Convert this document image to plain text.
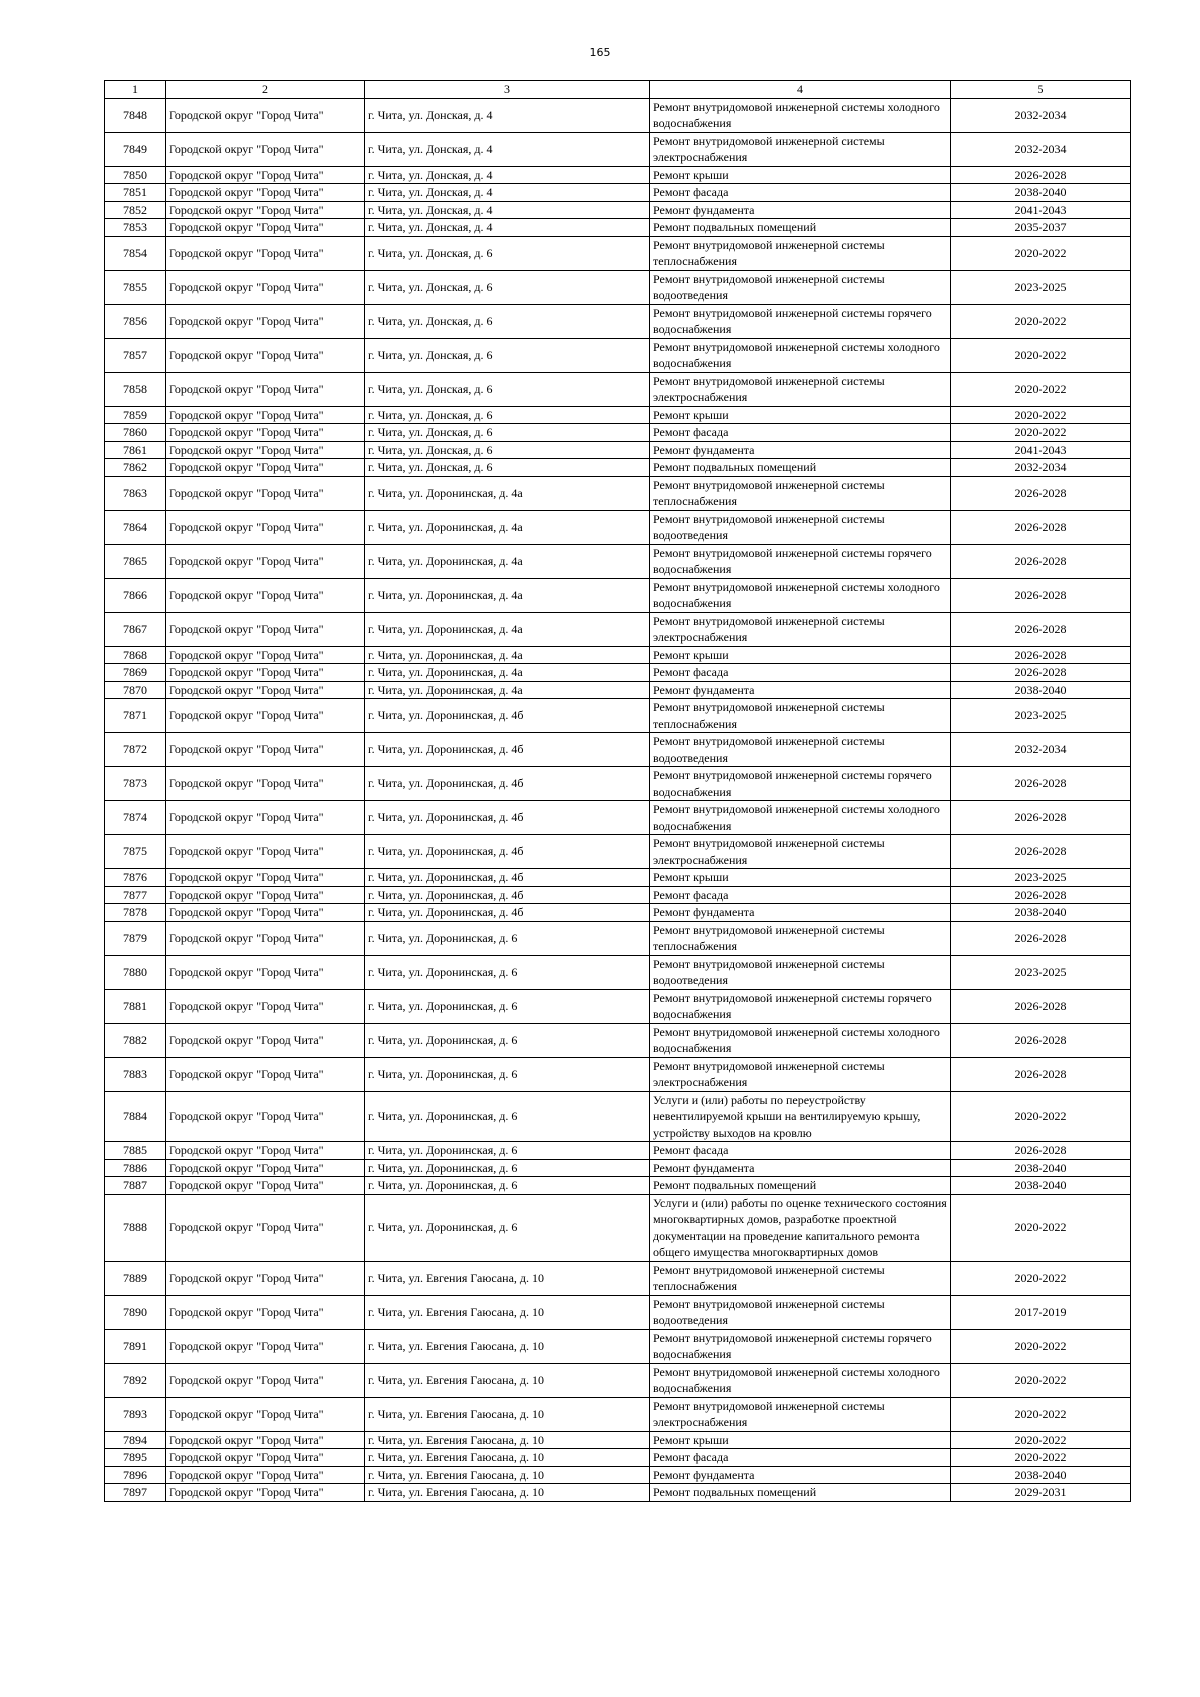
165
1	2	3	4	5
7848	Городской округ "Город Чита"	г. Чита, ул. Донская, д. 4	Ремонт внутридомовой инженерной системы холодного водоснабжения	2032-2034
7849	Городской округ "Город Чита"	г. Чита, ул. Донская, д. 4	Ремонт внутридомовой инженерной системы электроснабжения	2032-2034
7850	Городской округ "Город Чита"	г. Чита, ул. Донская, д. 4	Ремонт крыши	2026-2028
7851	Городской округ "Город Чита"	г. Чита, ул. Донская, д. 4	Ремонт фасада	2038-2040
7852	Городской округ "Город Чита"	г. Чита, ул. Донская, д. 4	Ремонт фундамента	2041-2043
7853	Городской округ "Город Чита"	г. Чита, ул. Донская, д. 4	Ремонт подвальных помещений	2035-2037
7854	Городской округ "Город Чита"	г. Чита, ул. Донская, д. 6	Ремонт внутридомовой инженерной системы теплоснабжения	2020-2022
7855	Городской округ "Город Чита"	г. Чита, ул. Донская, д. 6	Ремонт внутридомовой инженерной системы водоотведения	2023-2025
7856	Городской округ "Город Чита"	г. Чита, ул. Донская, д. 6	Ремонт внутридомовой инженерной системы горячего водоснабжения	2020-2022
7857	Городской округ "Город Чита"	г. Чита, ул. Донская, д. 6	Ремонт внутридомовой инженерной системы холодного водоснабжения	2020-2022
7858	Городской округ "Город Чита"	г. Чита, ул. Донская, д. 6	Ремонт внутридомовой инженерной системы электроснабжения	2020-2022
7859	Городской округ "Город Чита"	г. Чита, ул. Донская, д. 6	Ремонт крыши	2020-2022
7860	Городской округ "Город Чита"	г. Чита, ул. Донская, д. 6	Ремонт фасада	2020-2022
7861	Городской округ "Город Чита"	г. Чита, ул. Донская, д. 6	Ремонт фундамента	2041-2043
7862	Городской округ "Город Чита"	г. Чита, ул. Донская, д. 6	Ремонт подвальных помещений	2032-2034
7863	Городской округ "Город Чита"	г. Чита, ул. Доронинская, д. 4а	Ремонт внутридомовой инженерной системы теплоснабжения	2026-2028
7864	Городской округ "Город Чита"	г. Чита, ул. Доронинская, д. 4а	Ремонт внутридомовой инженерной системы водоотведения	2026-2028
7865	Городской округ "Город Чита"	г. Чита, ул. Доронинская, д. 4а	Ремонт внутридомовой инженерной системы горячего водоснабжения	2026-2028
7866	Городской округ "Город Чита"	г. Чита, ул. Доронинская, д. 4а	Ремонт внутридомовой инженерной системы холодного водоснабжения	2026-2028
7867	Городской округ "Город Чита"	г. Чита, ул. Доронинская, д. 4а	Ремонт внутридомовой инженерной системы электроснабжения	2026-2028
7868	Городской округ "Город Чита"	г. Чита, ул. Доронинская, д. 4а	Ремонт крыши	2026-2028
7869	Городской округ "Город Чита"	г. Чита, ул. Доронинская, д. 4а	Ремонт фасада	2026-2028
7870	Городской округ "Город Чита"	г. Чита, ул. Доронинская, д. 4а	Ремонт фундамента	2038-2040
7871	Городской округ "Город Чита"	г. Чита, ул. Доронинская, д. 4б	Ремонт внутридомовой инженерной системы теплоснабжения	2023-2025
7872	Городской округ "Город Чита"	г. Чита, ул. Доронинская, д. 4б	Ремонт внутридомовой инженерной системы водоотведения	2032-2034
7873	Городской округ "Город Чита"	г. Чита, ул. Доронинская, д. 4б	Ремонт внутридомовой инженерной системы горячего водоснабжения	2026-2028
7874	Городской округ "Город Чита"	г. Чита, ул. Доронинская, д. 4б	Ремонт внутридомовой инженерной системы холодного водоснабжения	2026-2028
7875	Городской округ "Город Чита"	г. Чита, ул. Доронинская, д. 4б	Ремонт внутридомовой инженерной системы электроснабжения	2026-2028
7876	Городской округ "Город Чита"	г. Чита, ул. Доронинская, д. 4б	Ремонт крыши	2023-2025
7877	Городской округ "Город Чита"	г. Чита, ул. Доронинская, д. 4б	Ремонт фасада	2026-2028
7878	Городской округ "Город Чита"	г. Чита, ул. Доронинская, д. 4б	Ремонт фундамента	2038-2040
7879	Городской округ "Город Чита"	г. Чита, ул. Доронинская, д. 6	Ремонт внутридомовой инженерной системы теплоснабжения	2026-2028
7880	Городской округ "Город Чита"	г. Чита, ул. Доронинская, д. 6	Ремонт внутридомовой инженерной системы водоотведения	2023-2025
7881	Городской округ "Город Чита"	г. Чита, ул. Доронинская, д. 6	Ремонт внутридомовой инженерной системы горячего водоснабжения	2026-2028
7882	Городской округ "Город Чита"	г. Чита, ул. Доронинская, д. 6	Ремонт внутридомовой инженерной системы холодного водоснабжения	2026-2028
7883	Городской округ "Город Чита"	г. Чита, ул. Доронинская, д. 6	Ремонт внутридомовой инженерной системы электроснабжения	2026-2028
7884	Городской округ "Город Чита"	г. Чита, ул. Доронинская, д. 6	Услуги и (или) работы по переустройству невентилируемой крыши на вентилируемую крышу, устройству выходов на кровлю	2020-2022
7885	Городской округ "Город Чита"	г. Чита, ул. Доронинская, д. 6	Ремонт фасада	2026-2028
7886	Городской округ "Город Чита"	г. Чита, ул. Доронинская, д. 6	Ремонт фундамента	2038-2040
7887	Городской округ "Город Чита"	г. Чита, ул. Доронинская, д. 6	Ремонт подвальных помещений	2038-2040
7888	Городской округ "Город Чита"	г. Чита, ул. Доронинская, д. 6	Услуги и (или) работы по оценке технического состояния многоквартирных домов, разработке проектной документации на проведение капитального ремонта общего имущества многоквартирных домов	2020-2022
7889	Городской округ "Город Чита"	г. Чита, ул. Евгения Гаюсана, д. 10	Ремонт внутридомовой инженерной системы теплоснабжения	2020-2022
7890	Городской округ "Город Чита"	г. Чита, ул. Евгения Гаюсана, д. 10	Ремонт внутридомовой инженерной системы водоотведения	2017-2019
7891	Городской округ "Город Чита"	г. Чита, ул. Евгения Гаюсана, д. 10	Ремонт внутридомовой инженерной системы горячего водоснабжения	2020-2022
7892	Городской округ "Город Чита"	г. Чита, ул. Евгения Гаюсана, д. 10	Ремонт внутридомовой инженерной системы холодного водоснабжения	2020-2022
7893	Городской округ "Город Чита"	г. Чита, ул. Евгения Гаюсана, д. 10	Ремонт внутридомовой инженерной системы электроснабжения	2020-2022
7894	Городской округ "Город Чита"	г. Чита, ул. Евгения Гаюсана, д. 10	Ремонт крыши	2020-2022
7895	Городской округ "Город Чита"	г. Чита, ул. Евгения Гаюсана, д. 10	Ремонт фасада	2020-2022
7896	Городской округ "Город Чита"	г. Чита, ул. Евгения Гаюсана, д. 10	Ремонт фундамента	2038-2040
7897	Городской округ "Город Чита"	г. Чита, ул. Евгения Гаюсана, д. 10	Ремонт подвальных помещений	2029-2031
